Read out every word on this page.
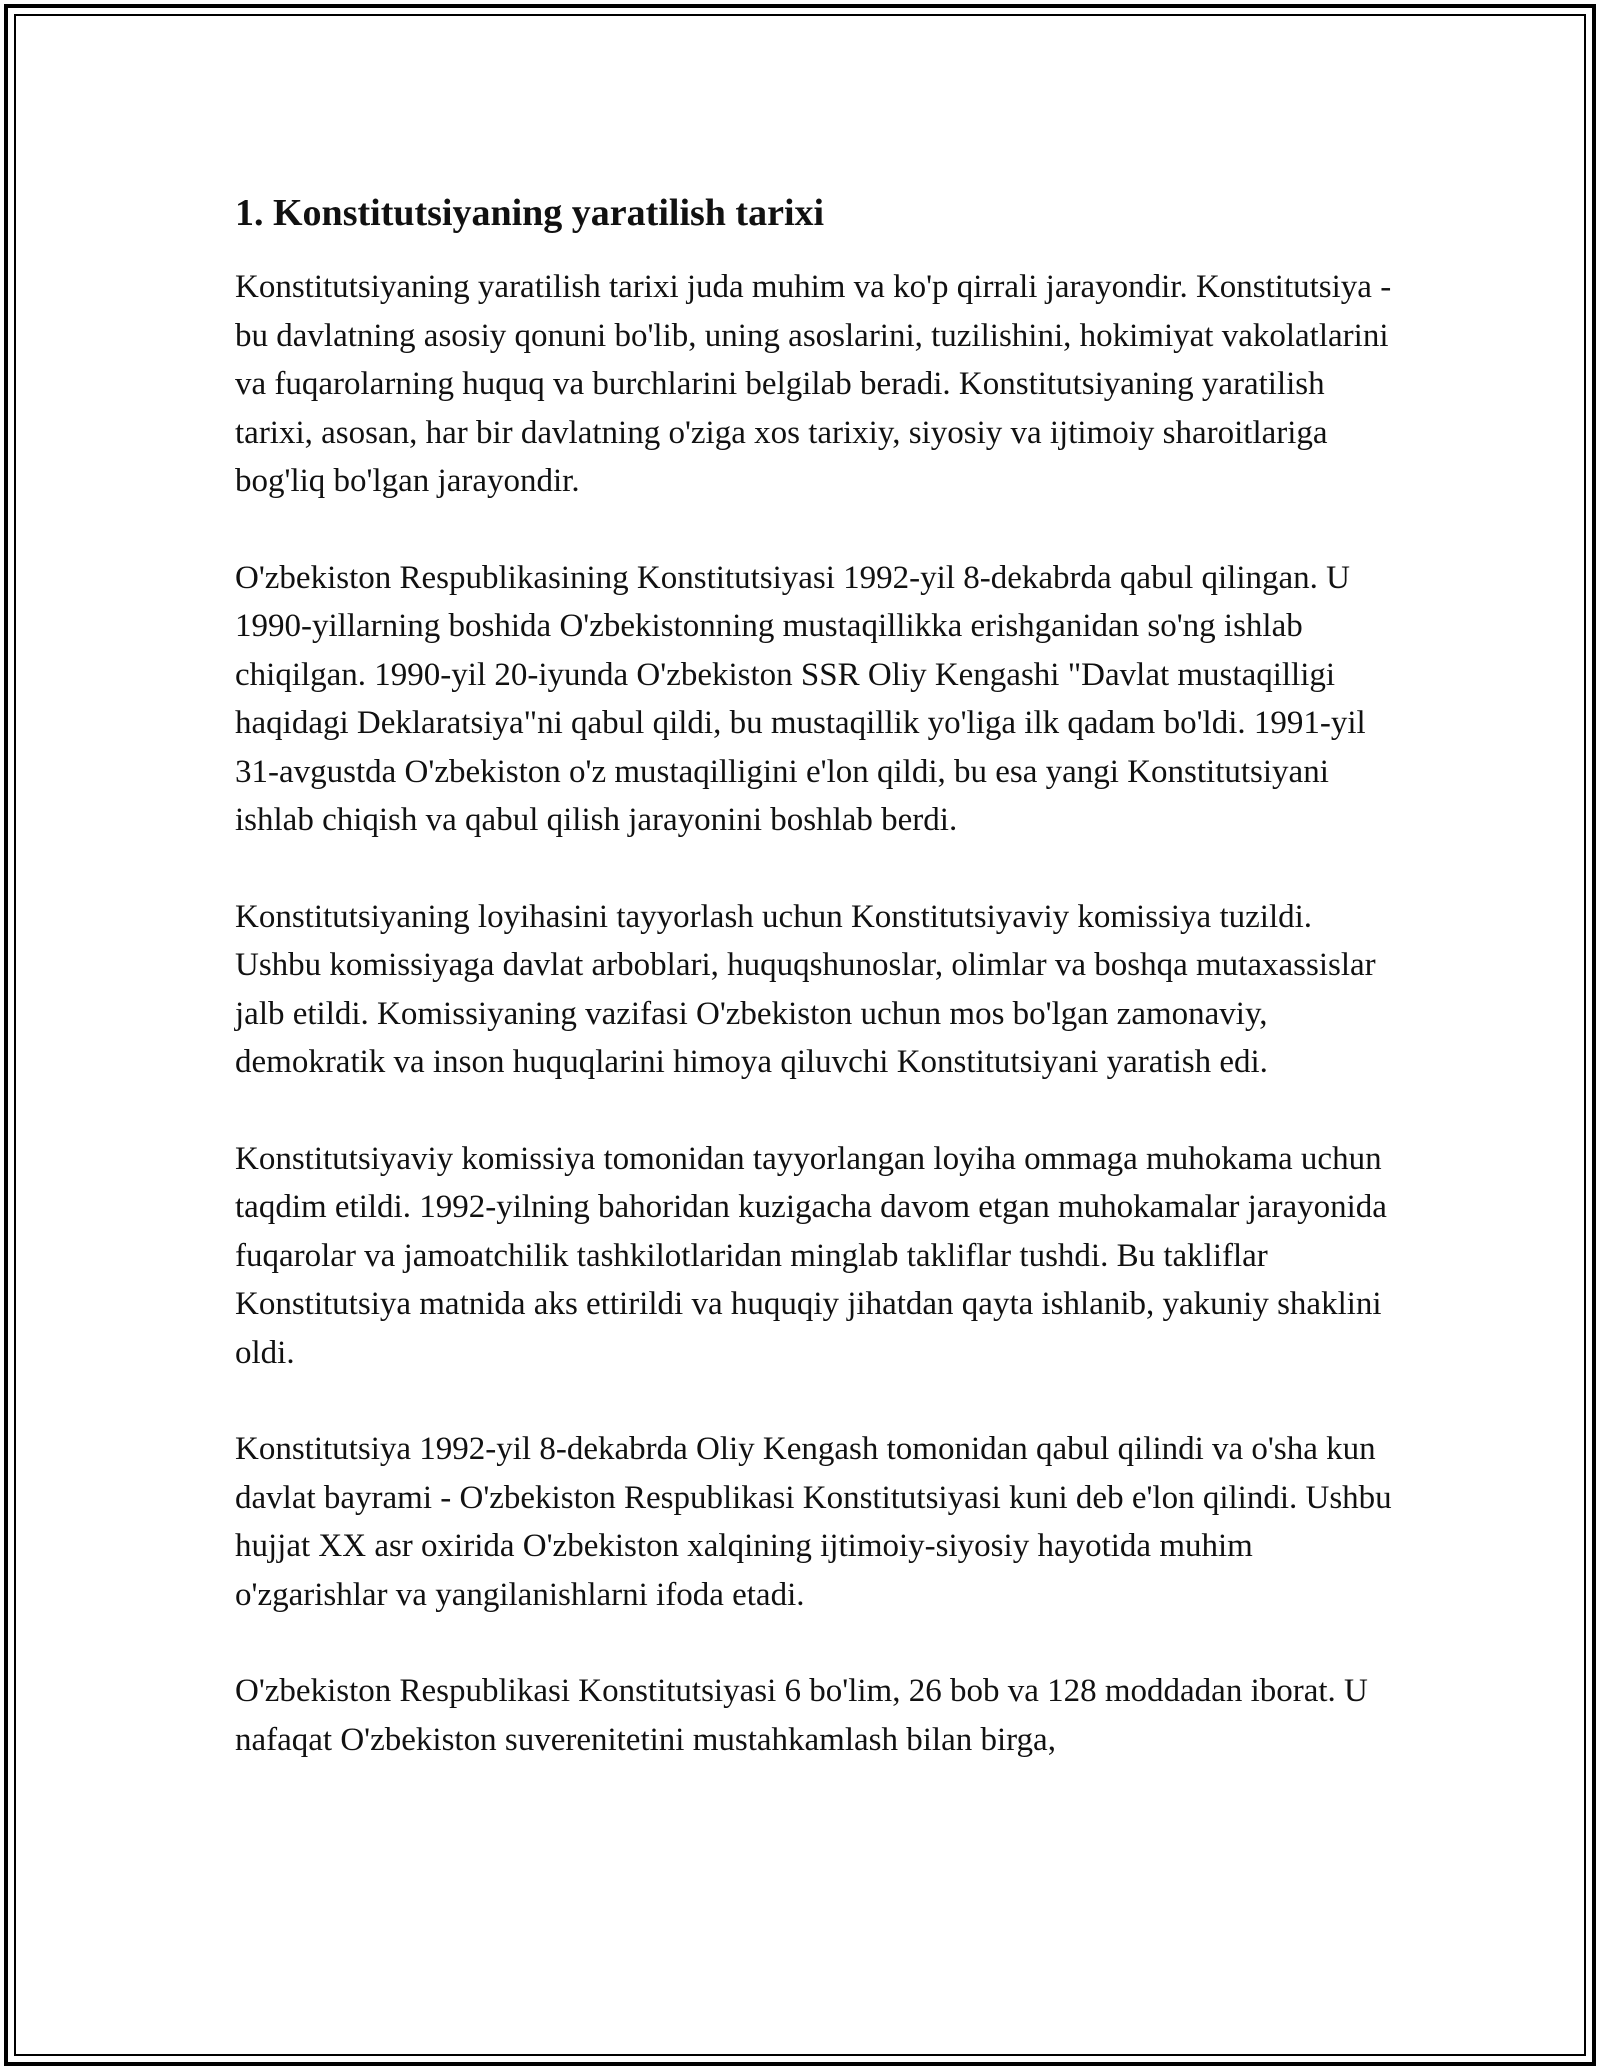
1. Konstitutsiyaning yaratilish tarixi

Konstitutsiyaning yaratilish tarixi juda muhim va ko'p qirrali jarayondir. Konstitutsiya - bu davlatning asosiy qonuni bo'lib, uning asoslarini, tuzilishini, hokimiyat vakolatlarini va fuqarolarning huquq va burchlarini belgilab beradi. Konstitutsiyaning yaratilish tarixi, asosan, har bir davlatning o'ziga xos tarixiy, siyosiy va ijtimoiy sharoitlariga bog'liq bo'lgan jarayondir.

O'zbekiston Respublikasining Konstitutsiyasi 1992-yil 8-dekabrda qabul qilingan. U 1990-yillarning boshida O'zbekistonning mustaqillikka erishganidan so'ng ishlab chiqilgan. 1990-yil 20-iyunda O'zbekiston SSR Oliy Kengashi "Davlat mustaqilligi haqidagi Deklaratsiya"ni qabul qildi, bu mustaqillik yo'liga ilk qadam bo'ldi. 1991-yil 31-avgustda O'zbekiston o'z mustaqilligini e'lon qildi, bu esa yangi Konstitutsiyani ishlab chiqish va qabul qilish jarayonini boshlab berdi.

Konstitutsiyaning loyihasini tayyorlash uchun Konstitutsiyaviy komissiya tuzildi. Ushbu komissiyaga davlat arboblari, huquqshunoslar, olimlar va boshqa mutaxassislar jalb etildi. Komissiyaning vazifasi O'zbekiston uchun mos bo'lgan zamonaviy, demokratik va inson huquqlarini himoya qiluvchi Konstitutsiyani yaratish edi.

Konstitutsiyaviy komissiya tomonidan tayyorlangan loyiha ommaga muhokama uchun taqdim etildi. 1992-yilning bahoridan kuzigacha davom etgan muhokamalar jarayonida fuqarolar va jamoatchilik tashkilotlaridan minglab takliflar tushdi. Bu takliflar Konstitutsiya matnida aks ettirildi va huquqiy jihatdan qayta ishlanib, yakuniy shaklini oldi.

Konstitutsiya 1992-yil 8-dekabrda Oliy Kengash tomonidan qabul qilindi va o'sha kun davlat bayrami - O'zbekiston Respublikasi Konstitutsiyasi kuni deb e'lon qilindi. Ushbu hujjat XX asr oxirida O'zbekiston xalqining ijtimoiy-siyosiy hayotida muhim o'zgarishlar va yangilanishlarni ifoda etadi.

O'zbekiston Respublikasi Konstitutsiyasi 6 bo'lim, 26 bob va 128 moddadan iborat. U nafaqat O'zbekiston suverenitetini mustahkamlash bilan birga,
